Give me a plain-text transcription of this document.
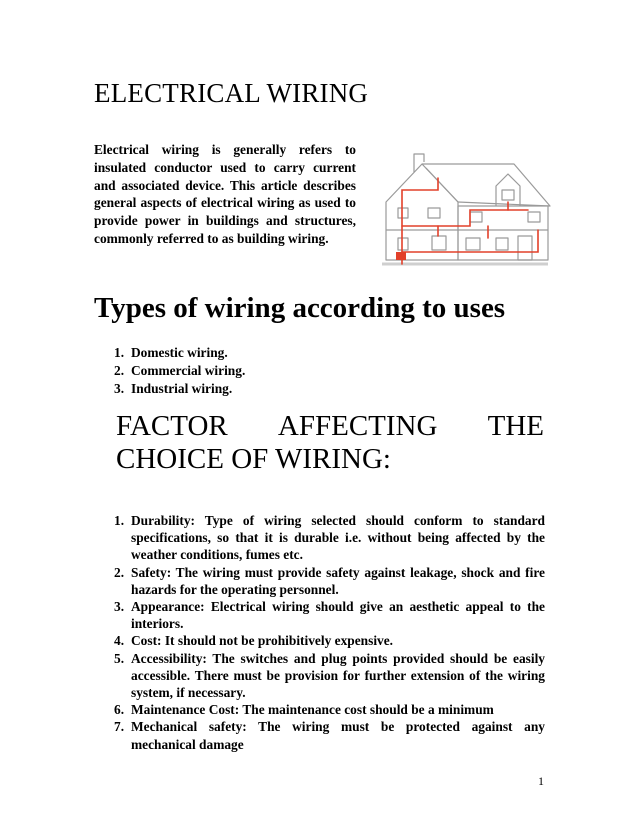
ELECTRICAL WIRING

Electrical wiring is generally refers to insulated conductor used to carry current and associated device. This article describes general aspects of electrical wiring as used to provide power in buildings and structures, commonly referred to as building wiring.

Types of wiring according to uses
1. Domestic wiring.
2. Commercial wiring.
3. Industrial wiring.
FACTOR AFFECTING THE
CHOICE OF WIRING:
1. Durability: Type of wiring selected should conform to standard specifications, so that it is durable i.e. without being affected by the weather conditions, fumes etc.
2. Safety: The wiring must provide safety against leakage, shock and fire hazards for the operating personnel.
3. Appearance: Electrical wiring should give an aesthetic appeal to the interiors.
4. Cost: It should not be prohibitively expensive.
5. Accessibility: The switches and plug points provided should be easily accessible. There must be provision for further extension of the wiring system, if necessary.
6. Maintenance Cost: The maintenance cost should be a minimum
7. Mechanical safety: The wiring must be protected against any mechanical damage
1
